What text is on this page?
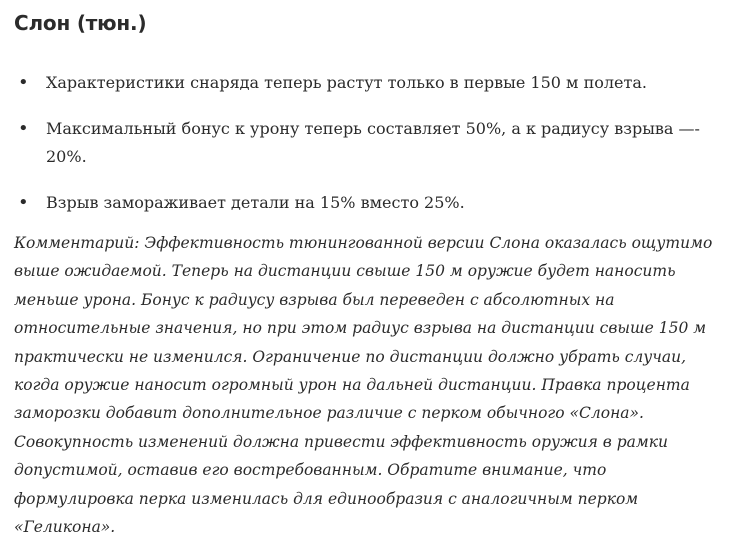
Слон (тюн.)
• Характеристики снаряда теперь растут только в первые 150 м полета.
• Максимальный бонус к урону теперь составляет 50%, а к радиусу взрыва —- 20%.
• Взрыв замораживает детали на 15% вместо 25%.

Комментарий: Эффективность тюнингованной версии Слона оказалась ощутимо выше ожидаемой. Теперь на дистанции свыше 150 м оружие будет наносить меньше урона. Бонус к радиусу взрыва был переведен с абсолютных на относительные значения, но при этом радиус взрыва на дистанции свыше 150 м практически не изменился. Ограничение по дистанции должно убрать случаи, когда оружие наносит огромный урон на дальней дистанции. Правка процента заморозки добавит дополнительное различие с перком обычного «Слона». Совокупность изменений должна привести эффективность оружия в рамки допустимой, оставив его востребованным. Обратите внимание, что формулировка перка изменилась для единообразия с аналогичным перком «Геликона».
